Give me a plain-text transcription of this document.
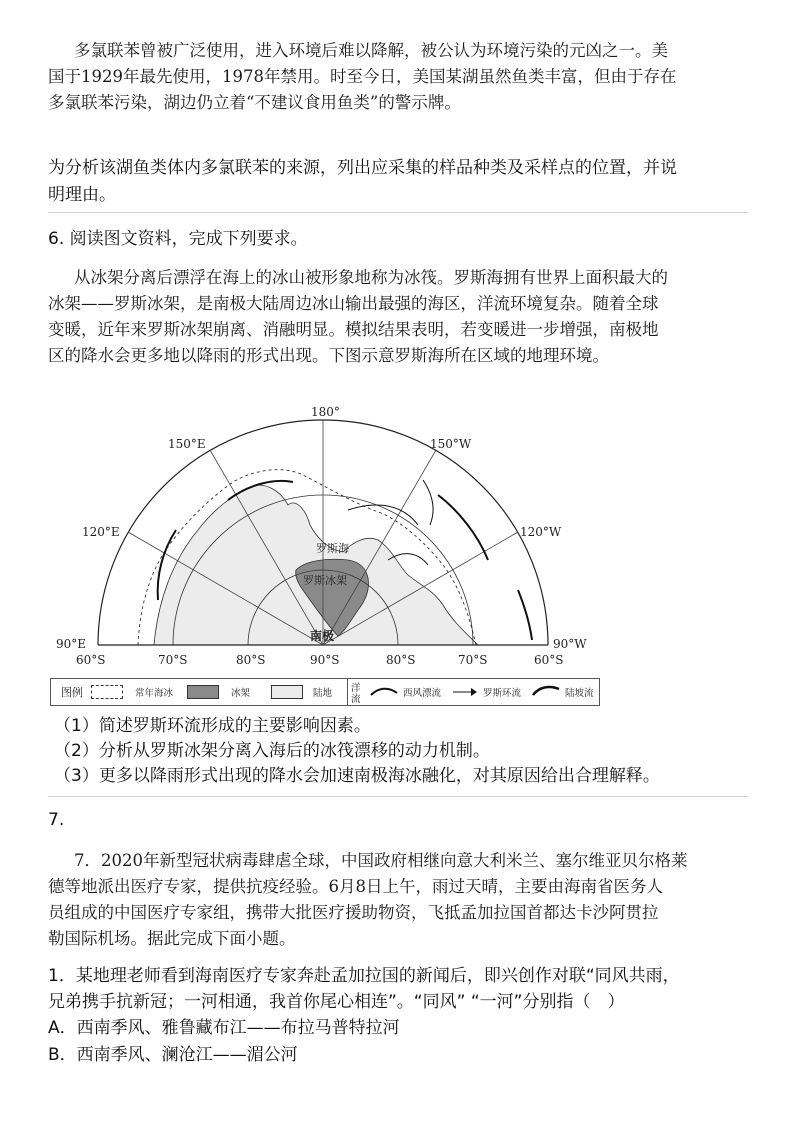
多氯联苯曾被广泛使用，进入环境后难以降解，被公认为环境污染的元凶之一。美
国于1929年最先使用，1978年禁用。时至今日，美国某湖虽然鱼类丰富，但由于存在
多氯联苯污染，湖边仍立着“不建议食用鱼类”的警示牌。
为分析该湖鱼类体内多氯联苯的来源，列出应采集的样品种类及采样点的位置，并说
明理由。
6. 阅读图文资料，完成下列要求。
从冰架分离后漂浮在海上的冰山被形象地称为冰筏。罗斯海拥有世界上面积最大的
冰架——罗斯冰架，是南极大陆周边冰山输出最强的海区，洋流环境复杂。随着全球
变暖，近年来罗斯冰架崩离、消融明显。模拟结果表明，若变暖进一步增强，南极地
区的降水会更多地以降雨的形式出现。下图示意罗斯海所在区域的地理环境。
180°
150°E	150°W
120°E	120°W
90°E	90°W
60°S	70°S	80°S	90°S	80°S	70°S	60°S
罗斯海
罗斯冰架
南极
图例	常年海冰	冰架	陆地 洋
流
西风漂流	罗斯环流	陆坡流
（1）简述罗斯环流形成的主要影响因素。
（2）分析从罗斯冰架分离入海后的冰筏漂移的动力机制。
（3）更多以降雨形式出现的降水会加速南极海冰融化，对其原因给出合理解释。
7.
7．2020年新型冠状病毒肆虐全球，中国政府相继向意大利米兰、塞尔维亚贝尔格莱
德等地派出医疗专家，提供抗疫经验。6月8日上午，雨过天晴，主要由海南省医务人
员组成的中国医疗专家组，携带大批医疗援助物资，飞抵孟加拉国首都达卡沙阿贯拉
勒国际机场。据此完成下面小题。
1．某地理老师看到海南医疗专家奔赴孟加拉国的新闻后，即兴创作对联“同风共雨，
兄弟携手抗新冠；一河相通，我首你尾心相连”。“同风” “一河”分别指（　）
A．西南季风、雅鲁藏布江——布拉马普特拉河
B．西南季风、澜沧江——湄公河
